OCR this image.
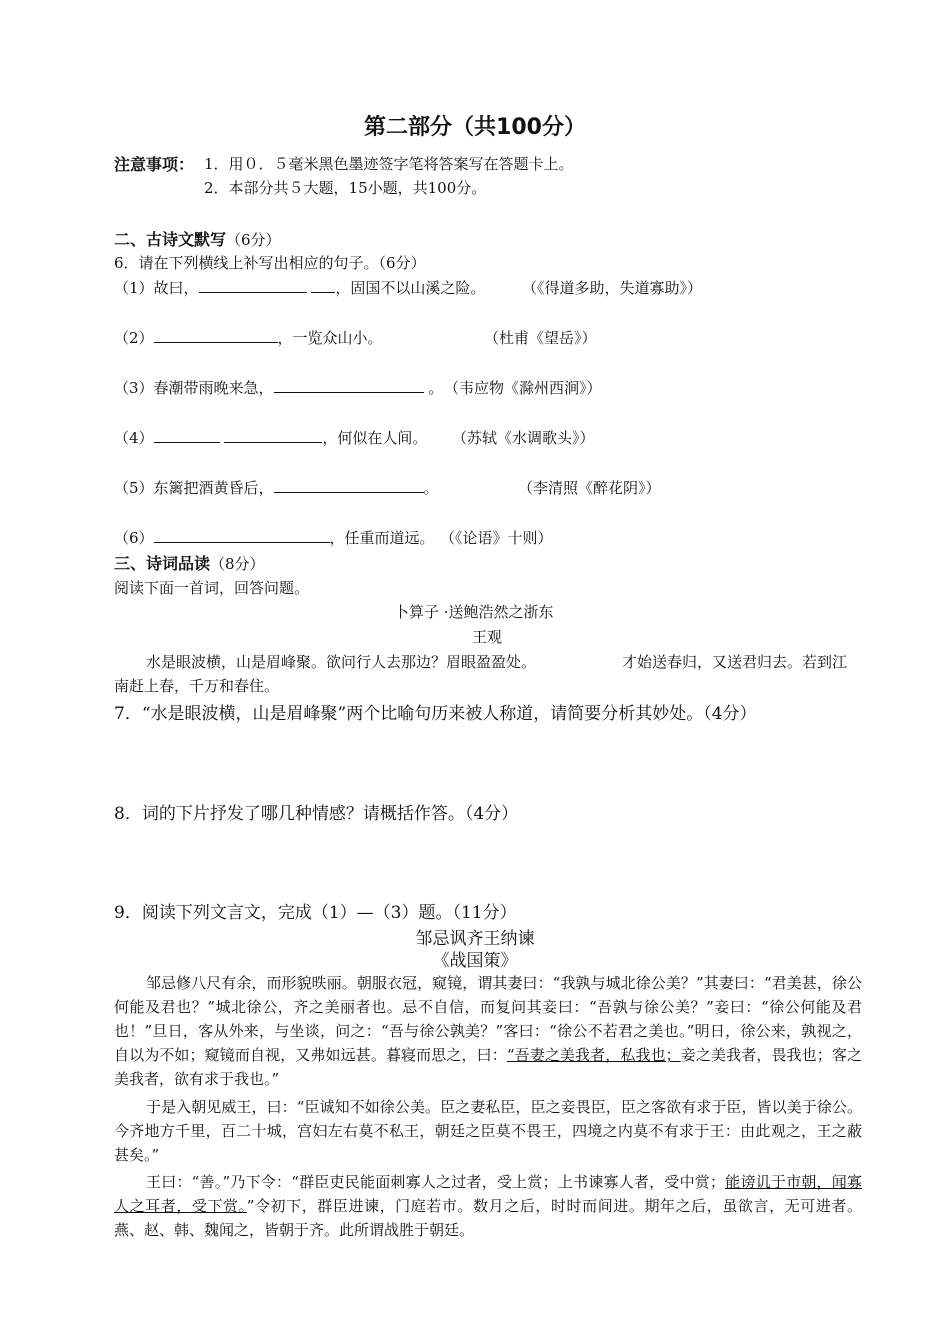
第二部分（共100分）
注意事项： 1．用０．５毫米黑色墨迹签字笔将答案写在答题卡上。
2．本部分共５大题，15小题，共100分。
二、古诗文默写（6分）
6．请在下列横线上补写出相应的句子。（6分）
（1）故曰，	，固国不以山溪之险。 （《得道多助，失道寡助》）
（2）	，一览众山小。	（杜甫《望岳》）
（3）春潮带雨晚来急，	。 （韦应物《滁州西涧》）
（4）	，何似在人间。 （苏轼《水调歌头》）
（5）东篱把酒黄昏后，	。	（李清照《醉花阴》）
（6）	，任重而道远。 （《论语》十则）
三、诗词品读（8分）
阅读下面一首词，回答问题。
卜算子 ·送鲍浩然之浙东
王观
水是眼波横，山是眉峰聚。欲问行人去那边？眉眼盈盈处。	才始送春归，又送君归去。若到江
南赶上春，千万和春住。
7．“水是眼波横，山是眉峰聚”两个比喻句历来被人称道，请简要分析其妙处。（4分）
8．词的下片抒发了哪几种情感？请概括作答。（4分）
9．阅读下列文言文，完成（1）—（3）题。（11分）
邹忌讽齐王纳谏
《战国策》

邹忌修八尺有余，而形貌昳丽。朝服衣冠，窥镜，谓其妻曰：“我孰与城北徐公美？”其妻曰：“君美甚，徐公何能及君也？”城北徐公，齐之美丽者也。忌不自信，而复问其妾曰：“吾孰与徐公美？”妾曰：“徐公何能及君也！”旦日，客从外来，与坐谈，问之：“吾与徐公孰美？”客曰：“徐公不若君之美也。”明日，徐公来，孰视之，自以为不如；窥镜而自视，又弗如远甚。暮寝而思之，曰：“吾妻之美我者，私我也；妾之美我者，畏我也；客之美我者，欲有求于我也。”

于是入朝见威王，曰：“臣诚知不如徐公美。臣之妻私臣，臣之妾畏臣，臣之客欲有求于臣，皆以美于徐公。今齐地方千里，百二十城，宫妇左右莫不私王，朝廷之臣莫不畏王，四境之内莫不有求于王：由此观之，王之蔽甚矣。”

王曰：“善。”乃下令：“群臣吏民能面刺寡人之过者，受上赏；上书谏寡人者，受中赏；能谤讥于市朝，闻寡人之耳者，受下赏。”令初下，群臣进谏，门庭若市。数月之后，时时而间进。期年之后，虽欲言，无可进者。燕、赵、韩、魏闻之，皆朝于齐。此所谓战胜于朝廷。
